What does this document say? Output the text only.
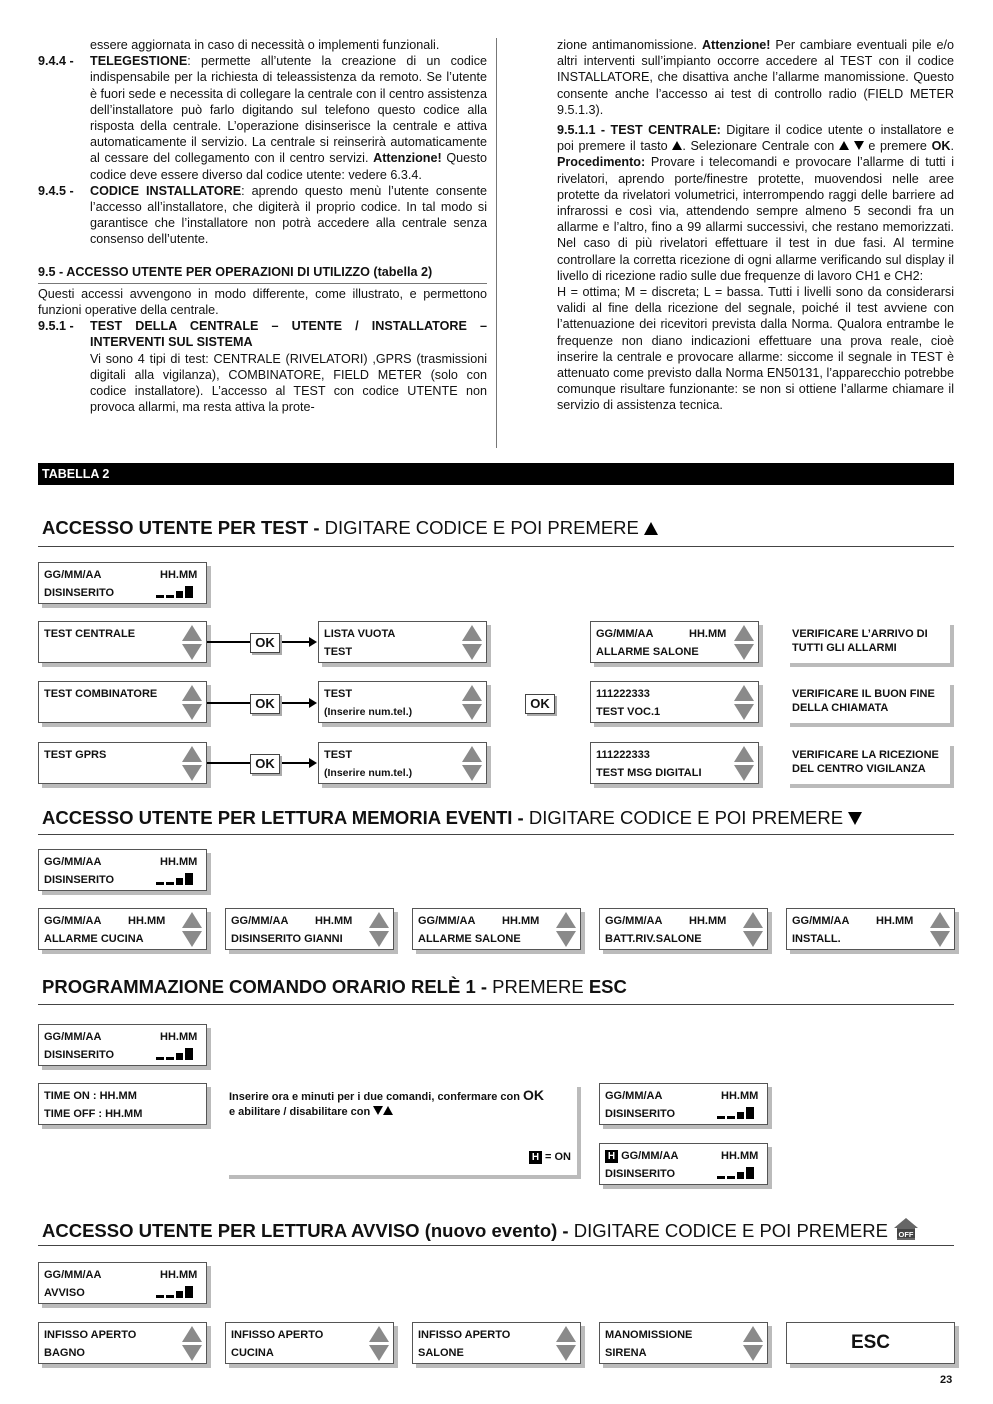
essere aggiornata in caso di necessità o implementi funzionali.

9.4.4 -	TELEGESTIONE: permette all’utente la creazione di un codice indispensabile per la richiesta di teleassistenza da remoto. Se l’utente è fuori sede e necessita di collegare la centrale con il centro assistenza dell’installatore può farlo digitando sul telefono questo codice alla risposta della centrale. L’operazione disinserisce la centrale e attiva automaticamente il servizio. La centrale si reinserirà automaticamente al cessare del collegamento con il centro servizi. Attenzione! Questo codice deve essere diverso dal codice utente: vedere 6.3.4.
9.4.5 -	CODICE INSTALLATORE: aprendo questo menù l’utente consente l’accesso all’installatore, che digiterà il proprio codice. In tal modo si garantisce che l’installatore non potrà accedere alla centrale senza consenso dell’utente.

9.5 - ACCESSO UTENTE PER OPERAZIONI DI UTILIZZO (tabella 2)

Questi accessi avvengono in modo differente, come illustrato, e permettono funzioni operative della centrale.

9.5.1 -	TEST DELLA CENTRALE – UTENTE / INSTALLATORE – INTERVENTI SUL SISTEMA

Vi sono 4 tipi di test: CENTRALE (RIVELATORI) ,GPRS (trasmissioni digitali alla vigilanza), COMBINATORE, FIELD METER (solo con codice installatore). L’accesso al TEST con codice UTENTE non provoca allarmi, ma resta attiva la prote-

zione antimanomissione. Attenzione! Per cambiare eventuali pile e/o altri interventi sull’impianto occorre accedere al TEST con il codice INSTALLATORE, che disattiva anche l’allarme manomissione. Questo consente anche l’accesso ai test di controllo radio (FIELD METER 9.5.1.3).

9.5.1.1 - TEST CENTRALE: Digitare il codice utente o installatore e poi premere il tasto . Selezionare Centrale con   e premere OK. Procedimento: Provare i telecomandi e provocare l’allarme di tutti i rivelatori, aprendo porte/finestre protette, muovendosi nelle aree protette da rivelatori volumetrici, interrompendo raggi delle barriere ad infrarossi e così via, attendendo sempre almeno 5 secondi fra un allarme e l’altro, fino a 99 allarmi successivi, che restano memorizzati. Nel caso di più rivelatori effettuare il test in due fasi. Al termine controllare la corretta ricezione di ogni allarme verificando sul display il livello di ricezione radio sulle due frequenze di lavoro CH1 e CH2:

H = ottima; M = discreta; L = bassa. Tutti i livelli sono da considerarsi validi al fine della ricezione del segnale, poiché il test avviene con l’attenuazione dei ricevitori prevista dalla Norma. Qualora entrambe le frequenze non diano indicazioni effettuare una prova reale, cioè inserire la centrale e provocare allarme: siccome il segnale in TEST è attenuato come previsto dalla Norma EN50131, l’apparecchio potrebbe comunque risultare funzionante: se non si ottiene l’allarme chiamare il servizio di assistenza tecnica.

TABELLA 2
ACCESSO UTENTE PER TEST - DIGITARE CODICE E POI PREMERE
GG/MM/AA	HH.MM
DISINSERITO
TEST CENTRALE
OK
LISTA VUOTA
TEST
GG/MM/AA	HH.MM
ALLARME SALONE
VERIFICARE L’ARRIVO DI TUTTI GLI ALLARMI
TEST COMBINATORE
OK
TEST
(Inserire num.tel.)
OK
111222333
TEST VOC.1
VERIFICARE IL BUON FINE DELLA CHIAMATA
TEST GPRS
OK
TEST
(Inserire num.tel.)
111222333
TEST MSG DIGITALI
VERIFICARE LA RICEZIONE DEL CENTRO VIGILANZA
ACCESSO UTENTE PER LETTURA MEMORIA EVENTI - DIGITARE CODICE E POI PREMERE
GG/MM/AA	HH.MM
DISINSERITO
GG/MM/AA HH.MM
ALLARME CUCINA
GG/MM/AA HH.MM
DISINSERITO GIANNI
GG/MM/AA HH.MM
ALLARME SALONE
GG/MM/AA HH.MM
BATT.RIV.SALONE
GG/MM/AA HH.MM
INSTALL.
PROGRAMMAZIONE COMANDO ORARIO RELÈ 1 - PREMERE ESC
GG/MM/AA	HH.MM
DISINSERITO
TIME ON : HH.MM
TIME OFF : HH.MM
Inserire ora e minuti per i due comandi, confermare con OK
e abilitare / disabilitare con
H = ON
GG/MM/AA	HH.MM
DISINSERITO
H GG/MM/AA	HH.MM
DISINSERITO
ACCESSO UTENTE PER LETTURA AVVISO (nuovo evento) - DIGITARE CODICE E POI PREMERE OFF
GG/MM/AA	HH.MM
AVVISO
INFISSO APERTO
BAGNO
INFISSO APERTO
CUCINA
INFISSO APERTO
SALONE
MANOMISSIONE
SIRENA	ESC
23
